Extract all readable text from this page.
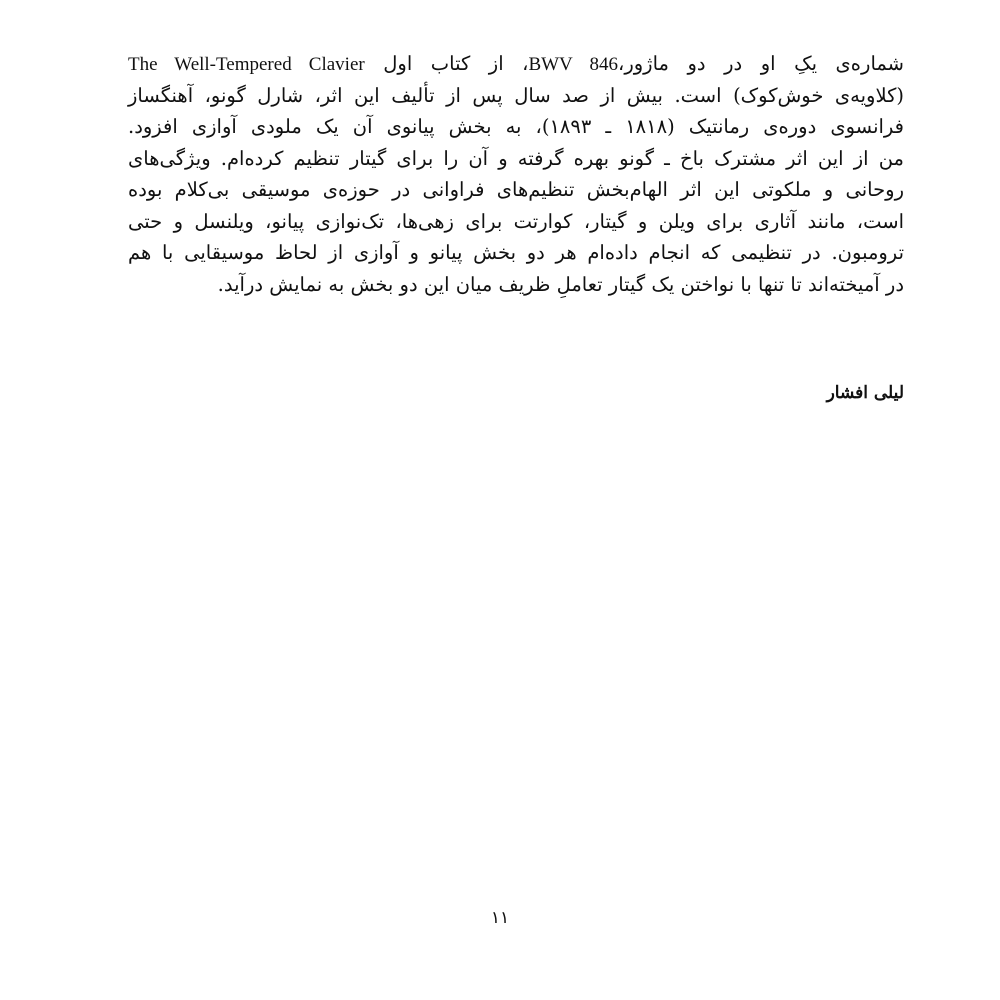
شماره‌ی یکِ او در دو ماژور،BWV 846، از کتاب اول The Well-Tempered Clavier
(کلاویه‌ی خوش‌کوک) است. بیش از صد سال پس از تألیف این اثر، شارل گونو، آهنگساز
فرانسوی دوره‌ی رمانتیک (۱۸۱۸ ـ ۱۸۹۳)، به بخش پیانوی آن یک ملودی آوازی افزود.
من از این اثر مشترک باخ ـ گونو بهره گرفته و آن را برای گیتار تنظیم کرده‌ام. ویژگی‌های
روحانی و ملکوتی این اثر الهام‌بخش تنظیم‌های فراوانی در حوزه‌ی موسیقی بی‌کلام بوده
است، مانند آثاری برای ویلن و گیتار، کوارتت برای زهی‌ها، تک‌نوازی پیانو، ویلنسل و حتی
ترومبون. در تنظیمی که انجام داده‌ام هر دو بخش پیانو و آوازی از لحاظ موسیقایی با هم
در آمیخته‌اند تا تنها با نواختن یک گیتار تعاملِ ظریف میان این دو بخش به نمایش درآید.
لیلی افشار
۱۱
